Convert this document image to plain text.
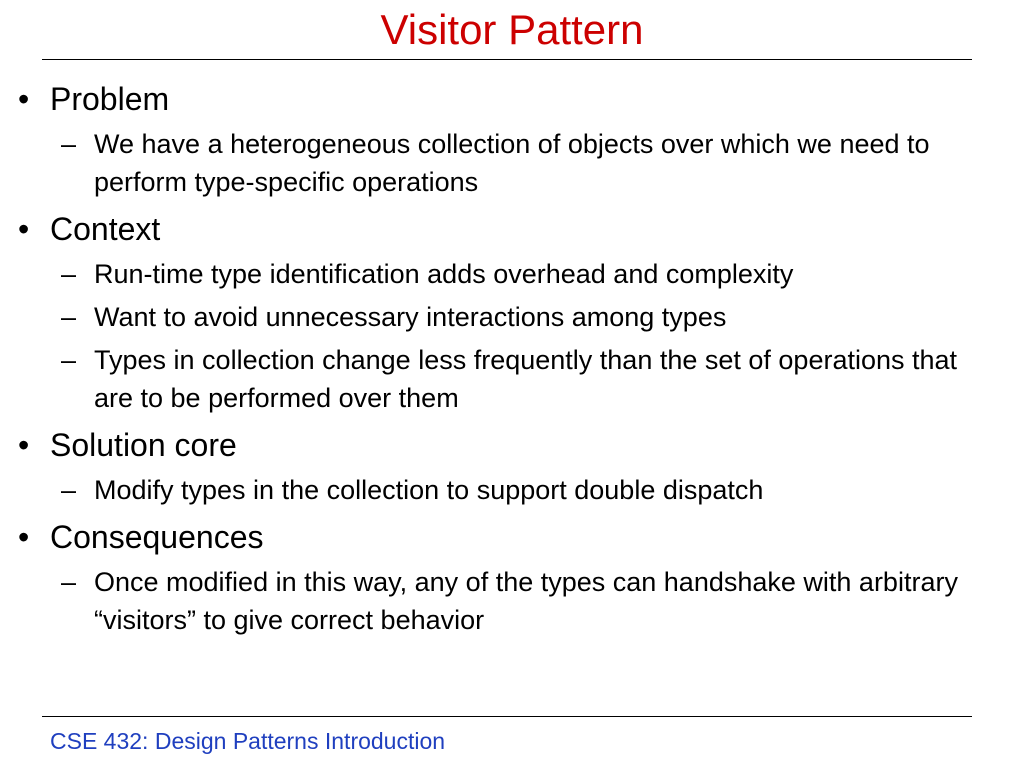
Visitor Pattern
• Problem
– We have a heterogeneous collection of objects over which we need to perform type-specific operations
• Context
– Run-time type identification adds overhead and complexity
– Want to avoid unnecessary interactions among types
– Types in collection change less frequently than the set of operations that are to be performed over them
• Solution core
– Modify types in the collection to support double dispatch
• Consequences
– Once modified in this way, any of the types can handshake with arbitrary “visitors” to give correct behavior
CSE 432: Design Patterns Introduction
